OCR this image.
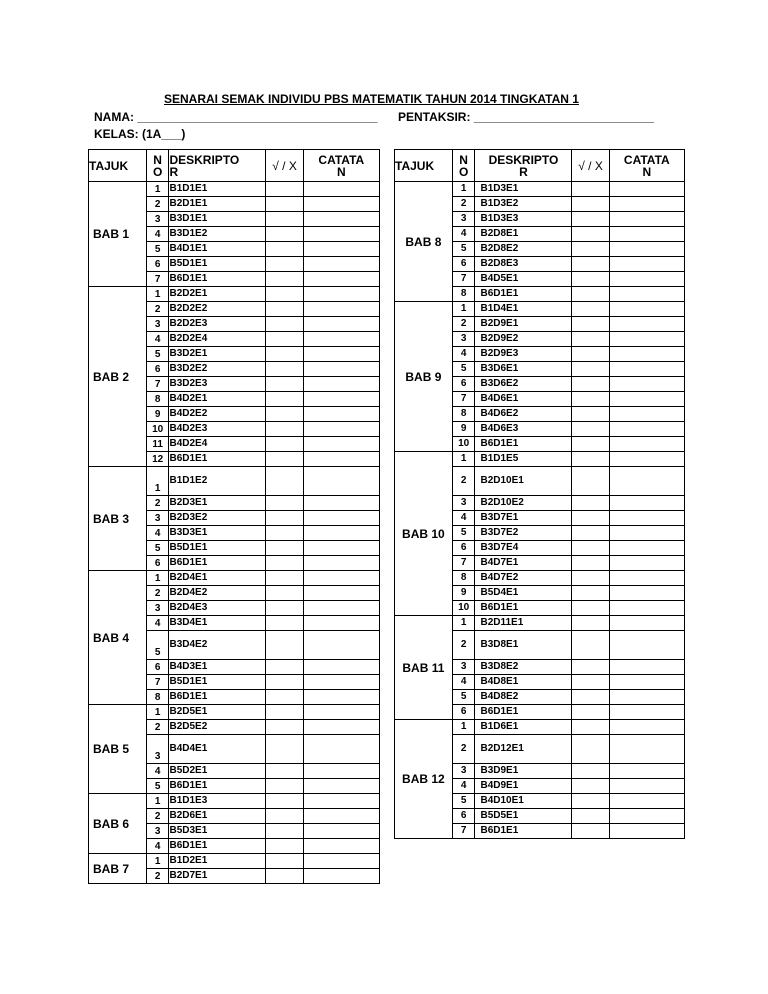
SENARAI SEMAK INDIVIDU PBS MATEMATIK TAHUN 2014 TINGKATAN 1
NAMA: ____________________________________ PENTAKSIR: ___________________________
KELAS: (1A___)
TAJUK	N
O	DESKRIPTO
R	√ / X	CATATA
N
BAB 1	1	B1D1E1		
	2	B2D1E1		
	3	B3D1E1		
	4	B3D1E2		
	5	B4D1E1		
	6	B5D1E1		
	7	B6D1E1		
BAB 2	1	B2D2E1		
	2	B2D2E2		
	3	B2D2E3		
	4	B2D2E4		
	5	B3D2E1		
	6	B3D2E2		
	7	B3D2E3		
	8	B4D2E1		
	9	B4D2E2		
	10	B4D2E3		
	11	B4D2E4		
	12	B6D1E1		
BAB 3	1	B1D1E2		
	2	B2D3E1		
	3	B2D3E2		
	4	B3D3E1		
	5	B5D1E1		
	6	B6D1E1		
BAB 4	1	B2D4E1		
	2	B2D4E2		
	3	B2D4E3		
	4	B3D4E1		
	5	B3D4E2		
	6	B4D3E1		
	7	B5D1E1		
	8	B6D1E1		
BAB 5	1	B2D5E1		
	2	B2D5E2		
	3	B4D4E1		
	4	B5D2E1		
	5	B6D1E1		
BAB 6	1	B1D1E3		
	2	B2D6E1		
	3	B5D3E1		
	4	B6D1E1		
BAB 7	1	B1D2E1		
	2	B2D7E1		
TAJUK	N
O	DESKRIPTO
R	√ / X	CATATA
N
BAB 8	1	B1D3E1		
	2	B1D3E2		
	3	B1D3E3		
	4	B2D8E1		
	5	B2D8E2		
	6	B2D8E3		
	7	B4D5E1		
	8	B6D1E1		
BAB 9	1	B1D4E1		
	2	B2D9E1		
	3	B2D9E2		
	4	B2D9E3		
	5	B3D6E1		
	6	B3D6E2		
	7	B4D6E1		
	8	B4D6E2		
	9	B4D6E3		
	10	B6D1E1		
BAB 10	1	B1D1E5		
	2	B2D10E1		
	3	B2D10E2		
	4	B3D7E1		
	5	B3D7E2		
	6	B3D7E4		
	7	B4D7E1		
	8	B4D7E2		
	9	B5D4E1		
	10	B6D1E1		
BAB 11	1	B2D11E1		
	2	B3D8E1		
	3	B3D8E2		
	4	B4D8E1		
	5	B4D8E2		
	6	B6D1E1		
BAB 12	1	B1D6E1		
	2	B2D12E1		
	3	B3D9E1		
	4	B4D9E1		
	5	B4D10E1		
	6	B5D5E1		
	7	B6D1E1		
